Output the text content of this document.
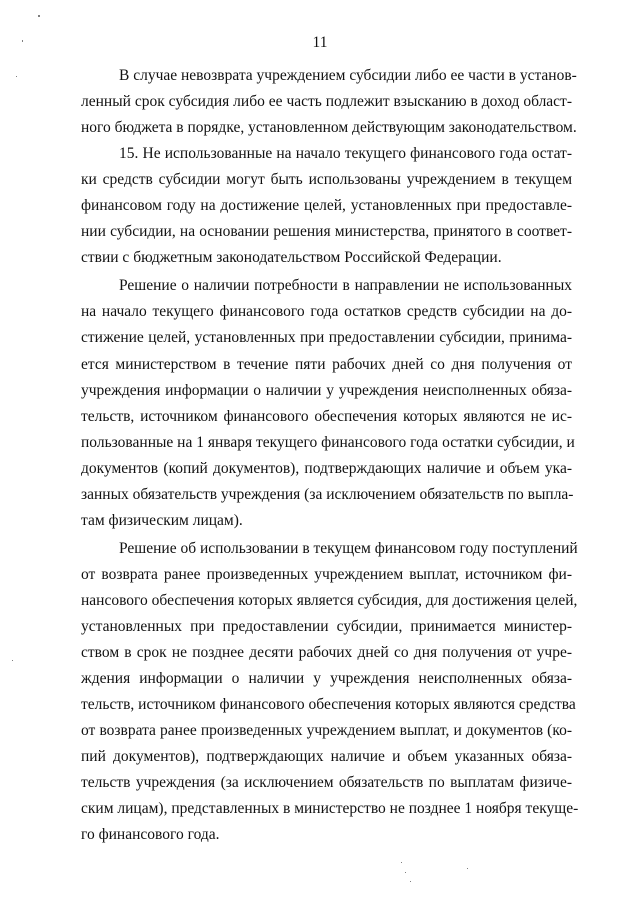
11

В случае невозврата учреждением субсидии либо ее части в установ-

ленный срок субсидия либо ее часть подлежит взысканию в доход област-

ного бюджета в порядке, установленном действующим законодательством.

15. Не использованные на начало текущего финансового года остат-

ки средств субсидии могут быть использованы учреждением в текущем

финансовом году на достижение целей, установленных при предоставле-

нии субсидии, на основании решения министерства, принятого в соответ-

ствии с бюджетным законодательством Российской Федерации.

Решение о наличии потребности в направлении не использованных

на начало текущего финансового года остатков средств субсидии на до-

стижение целей, установленных при предоставлении субсидии, принима-

ется министерством в течение пяти рабочих дней со дня получения от

учреждения информации о наличии у учреждения неисполненных обяза-

тельств, источником финансового обеспечения которых являются не ис-

пользованные на 1 января текущего финансового года остатки субсидии, и

документов (копий документов), подтверждающих наличие и объем ука-

занных обязательств учреждения (за исключением обязательств по выпла-

там физическим лицам).

Решение об использовании в текущем финансовом году поступлений

от возврата ранее произведенных учреждением выплат, источником фи-

нансового обеспечения которых является субсидия, для достижения целей,

установленных при предоставлении субсидии, принимается министер-

ством в срок не позднее десяти рабочих дней со дня получения от учре-

ждения информации о наличии у учреждения неисполненных обяза-

тельств, источником финансового обеспечения которых являются средства

от возврата ранее произведенных учреждением выплат, и документов (ко-

пий документов), подтверждающих наличие и объем указанных обяза-

тельств учреждения (за исключением обязательств по выплатам физиче-

ским лицам), представленных в министерство не позднее 1 ноября текуще-

го финансового года.
